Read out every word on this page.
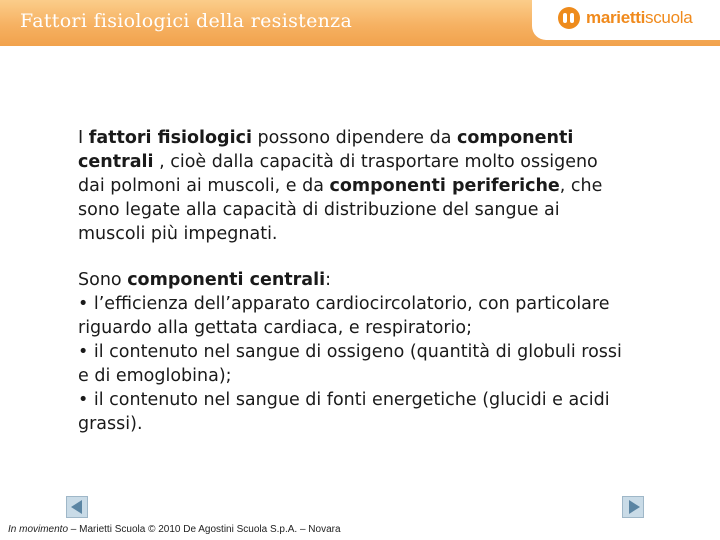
Fattori fisiologici della resistenza	mariettiscuola

I fattori fisiologici possono dipendere da componenti centrali , cioè dalla capacità di trasportare molto ossigeno dai polmoni ai muscoli, e da componenti periferiche, che sono legate alla capacità di distribuzione del sangue ai muscoli più impegnati.

Sono componenti centrali:

• l’efficienza dell’apparato cardiocircolatorio, con particolare riguardo alla gettata cardiaca, e respiratorio;

• il contenuto nel sangue di ossigeno (quantità di globuli rossi e di emoglobina);

• il contenuto nel sangue di fonti energetiche (glucidi e acidi grassi).

In movimento – Marietti Scuola © 2010 De Agostini Scuola S.p.A. – Novara
